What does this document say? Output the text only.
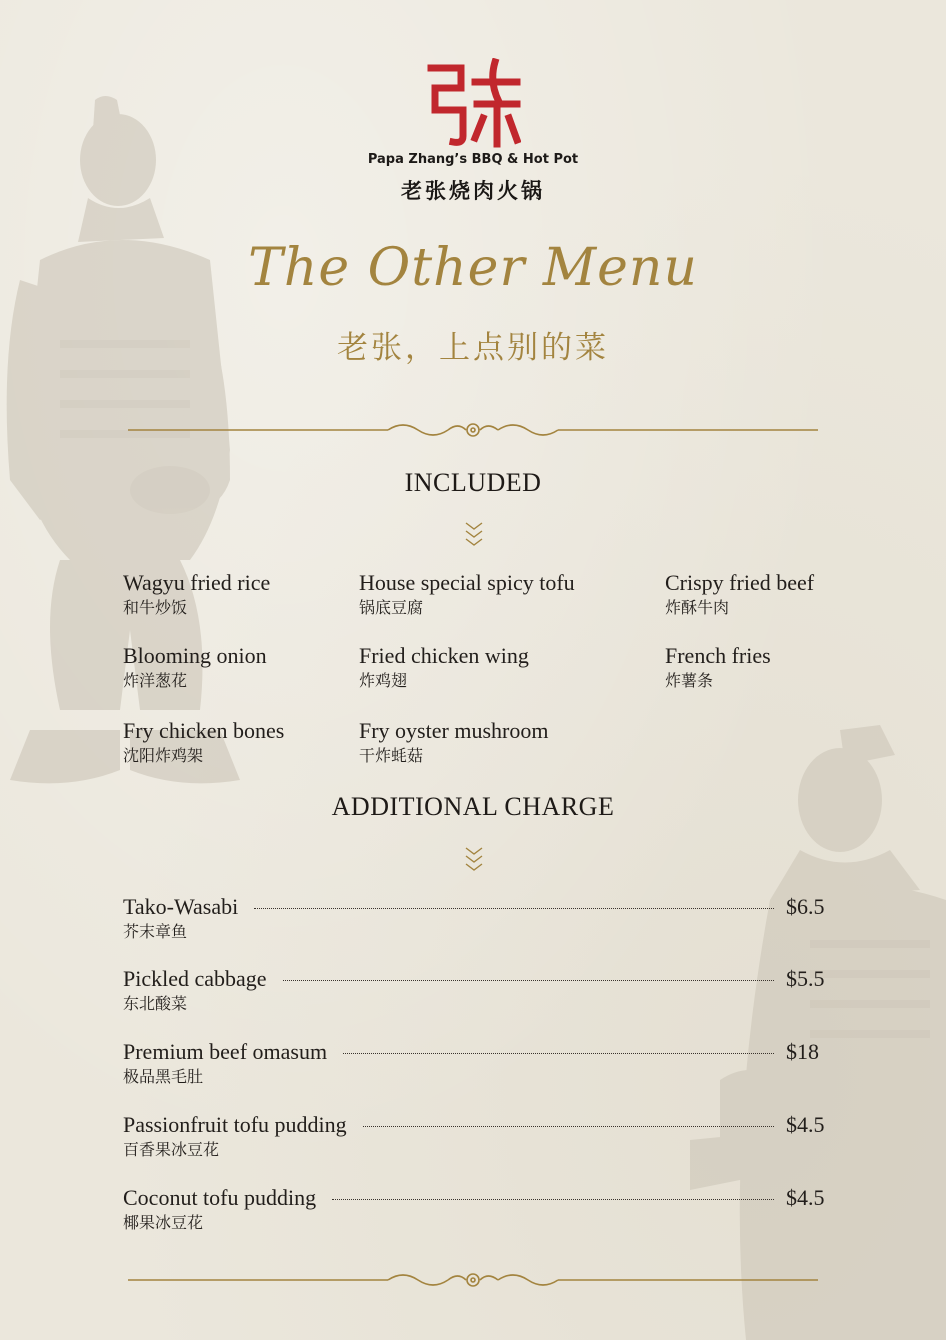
Papa Zhang’s BBQ & Hot Pot
老张烧肉火锅
The Other Menu
老张，上点别的菜
INCLUDED
Wagyu fried rice
和牛炒饭
House special spicy tofu
锅底豆腐
Crispy fried beef
炸酥牛肉
Blooming onion
炸洋葱花
Fried chicken wing
炸鸡翅
French fries
炸薯条
Fry chicken bones
沈阳炸鸡架
Fry oyster mushroom
干炸蚝菇
ADDITIONAL CHARGE
Tako-Wasabi	$6.5
芥末章鱼
Pickled cabbage	$5.5
东北酸菜
Premium beef omasum	$18
极品黑毛肚
Passionfruit tofu pudding	$4.5
百香果冰豆花
Coconut tofu pudding	$4.5
椰果冰豆花
